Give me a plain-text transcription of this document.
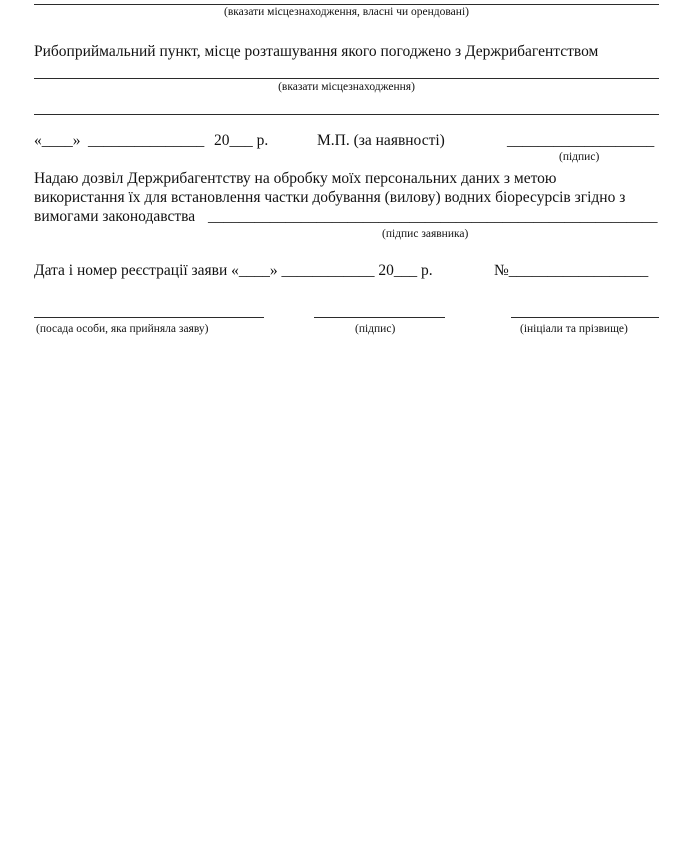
(вказати місцезнаходження, власні чи орендовані)
Рибоприймальний пункт, місце розташування якого погоджено з Держрибагентством
(вказати місцезнаходження)
«____» _______________ 20___ р.	М.П. (за наявності)	___________________
(підпис)
Надаю дозвіл Держрибагентству на обробку моїх персональних даних з метою
використання їх для встановлення частки добування (вилову) водних біоресурсів згідно з
вимогами законодавства __________________________________________________________
(підпис заявника)
Дата і номер реєстрації заяви «____» ____________ 20___ р.	№__________________
(посада особи, яка прийняла заяву)	(підпис)	(ініціали та прізвище)
